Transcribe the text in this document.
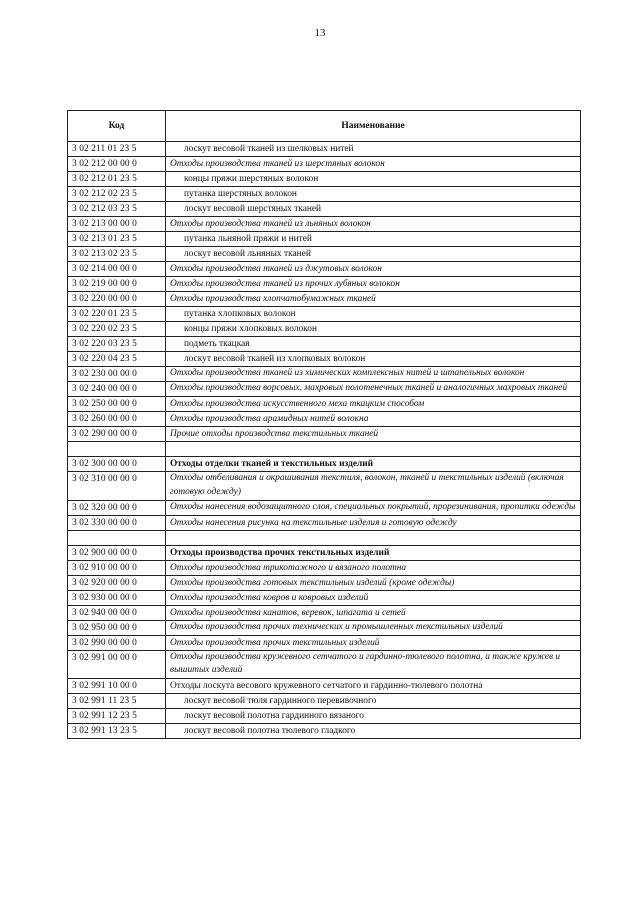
13
Код	Наименование
3 02 211 01 23 5	лоскут весовой тканей из шелковых нитей
3 02 212 00 00 0	Отходы производства тканей из шерстяных волокон
3 02 212 01 23 5	концы пряжи шерстяных волокон
3 02 212 02 23 5	путанка шерстяных волокон
3 02 212 03 23 5	лоскут весовой шерстяных тканей
3 02 213 00 00 0	Отходы производства тканей из льняных волокон
3 02 213 01 23 5	путанка льняной пряжи и нитей
3 02 213 02 23 5	лоскут весовой льняных тканей
3 02 214 00 00 0	Отходы производства тканей из джутовых волокон
3 02 219 00 00 0	Отходы производства тканей из прочих лубяных волокон
3 02 220 00 00 0	Отходы производства хлопчатобумажных тканей
3 02 220 01 23 5	путанка хлопковых волокон
3 02 220 02 23 5	концы пряжи хлопковых волокон
3 02 220 03 23 5	подметь ткацкая
3 02 220 04 23 5	лоскут весовой тканей из хлопковых волокон
3 02 230 00 00 0	Отходы производства тканей из химических комплексных нитей и штапельных волокон
3 02 240 00 00 0	Отходы производства ворсовых, махровых полотенечных тканей и аналогичных махровых тканей
3 02 250 00 00 0	Отходы производства искусственного меха ткацким способом
3 02 260 00 00 0	Отходы производства арамидных нитей волокна
3 02 290 00 00 0	Прочие отходы производства текстильных тканей

3 02 300 00 00 0	Отходы отделки тканей и текстильных изделий
3 02 310 00 00 0	Отходы отбеливания и окрашивания текстиля, волокон, тканей и текстильных изделий (включая готовую одежду)
3 02 320 00 00 0	Отходы нанесения водозащитного слоя, специальных покрытий, прорезинивания, пропитки одежды
3 02 330 00 00 0	Отходы нанесения рисунка на текстильные изделия и готовую одежду

3 02 900 00 00 0	Отходы производства прочих текстильных изделий
3 02 910 00 00 0	Отходы производства трикотажного и вязаного полотна
3 02 920 00 00 0	Отходы производства готовых текстильных изделий (кроме одежды)
3 02 930 00 00 0	Отходы производства ковров и ковровых изделий
3 02 940 00 00 0	Отходы производства канатов, веревок, шпагата и сетей
3 02 950 00 00 0	Отходы производства прочих технических и промышленных текстильных изделий
3 02 990 00 00 0	Отходы производства прочих текстильных изделий
3 02 991 00 00 0	Отходы производства кружевного сетчатого и гардинно-тюлевого полотна, а также кружев и вышитых изделий
3 02 991 10 00 0	Отходы лоскута весового кружевного сетчатого и гардинно-тюлевого полотна
3 02 991 11 23 5	лоскут весовой тюля гардинного перевивочного
3 02 991 12 23 5	лоскут весовой полотна гардинного вязаного
3 02 991 13 23 5	лоскут весовой полотна тюлевого гладкого
